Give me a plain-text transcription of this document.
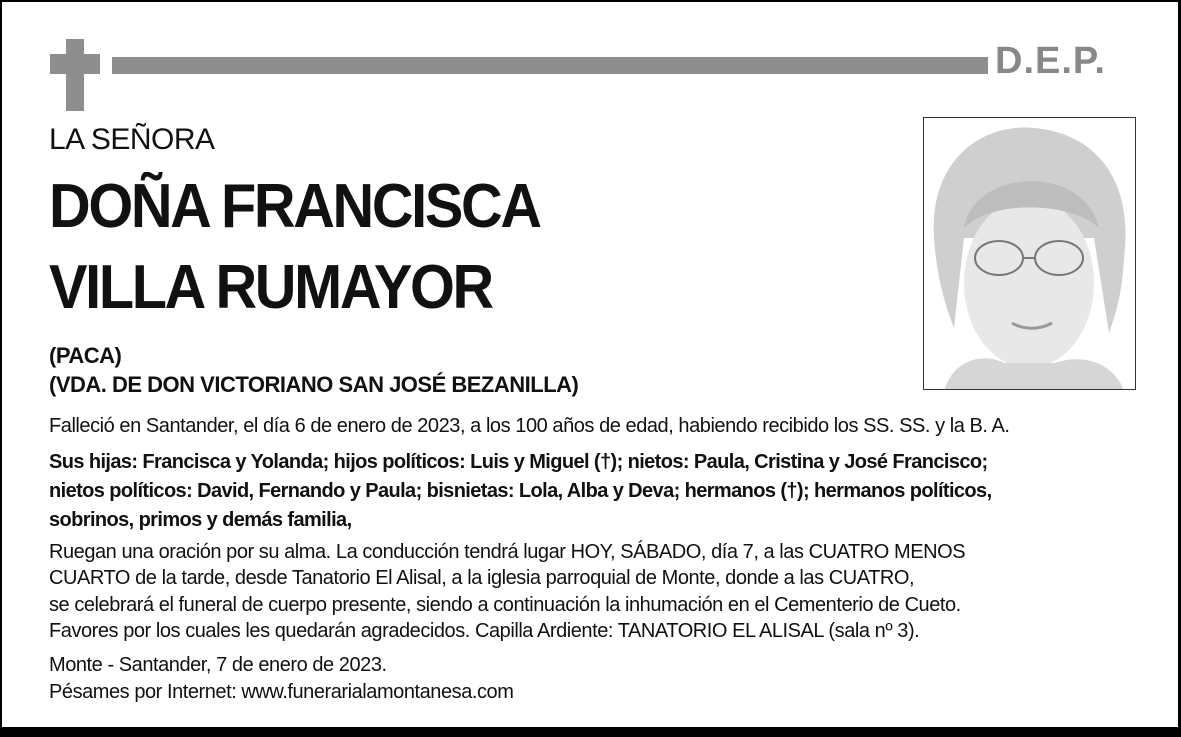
D.E.P.
LA SEÑORA
DOÑA FRANCISCA
VILLA RUMAYOR
(PACA)
(VDA. DE DON VICTORIANO SAN JOSÉ BEZANILLA)
Falleció en Santander, el día 6 de enero de 2023, a los 100 años de edad, habiendo recibido los SS. SS. y la B. A.
Sus hijas: Francisca y Yolanda; hijos políticos: Luis y Miguel (†); nietos: Paula, Cristina y José Francisco;
nietos políticos: David, Fernando y Paula; bisnietas: Lola, Alba y Deva; hermanos (†); hermanos políticos,
sobrinos, primos y demás familia,
Ruegan una oración por su alma. La conducción tendrá lugar HOY, SÁBADO, día 7, a las CUATRO MENOS
CUARTO de la tarde, desde Tanatorio El Alisal, a la iglesia parroquial de Monte, donde a las CUATRO,
se celebrará el funeral de cuerpo presente, siendo a continuación la inhumación en el Cementerio de Cueto.
Favores por los cuales les quedarán agradecidos. Capilla Ardiente: TANATORIO EL ALISAL (sala nº 3).
Monte - Santander, 7 de enero de 2023.
Pésames por Internet: www.funerarialamontanesa.com
